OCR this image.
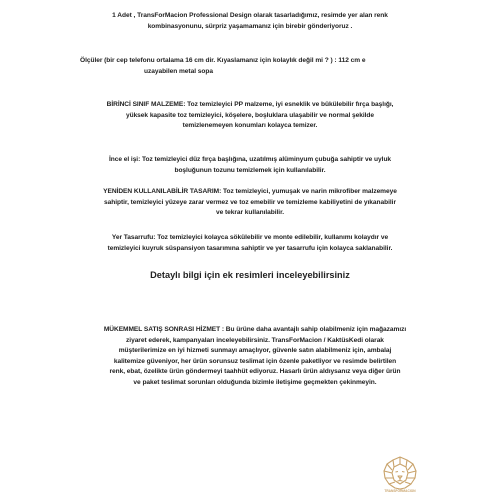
1 Adet , TransForMacion Professional Design olarak tasarladığımız, resimde yer alan renk

kombinasyonunu, sürpriz yaşamamanız için birebir gönderiyoruz .

Ölçüler (bir cep telefonu ortalama 16 cm dir. Kıyaslamanız için kolaylık değil mi ? ) : 112 cm e

uzayabilen metal sopa

BİRİNCİ SINIF MALZEME: Toz temizleyici PP malzeme, iyi esneklik ve bükülebilir fırça başlığı,

yüksek kapasite toz temizleyici, köşelere, boşluklara ulaşabilir ve normal şekilde

temizlenemeyen konumları kolayca temizer.

İnce el işi: Toz temizleyici düz fırça başlığına, uzatılmış alüminyum çubuğa sahiptir ve uyluk

boşluğunun tozunu temizlemek için kullanılabilir.

YENİDEN KULLANILABİLİR TASARIM: Toz temizleyici, yumuşak ve narin mikrofiber malzemeye

sahiptir, temizleyici yüzeye zarar vermez ve toz emebilir ve temizleme kabiliyetini de yıkanabilir

ve tekrar kullanılabilir.

Yer Tasarrufu: Toz temizleyici kolayca sökülebilir ve monte edilebilir, kullanımı kolaydır ve

temizleyici kuyruk süspansiyon tasarımına sahiptir ve yer tasarrufu için kolayca saklanabilir.

Detaylı bilgi için ek resimleri inceleyebilirsiniz

MÜKEMMEL SATIŞ SONRASI HİZMET : Bu ürüne daha avantajlı sahip olabilmeniz için mağazamızı

ziyaret ederek, kampanyaları inceleyebilirsiniz. TransForMacion / KaktüsKedi olarak

müşterilerimize en iyi hizmeti sunmayı amaçlıyor, güvenle satın alabilmeniz için, ambalaj

kalitemize güveniyor, her ürün sorunsuz teslimat için özenle paketliyor ve resimde belirtilen

renk, ebat, özelikte ürün göndermeyi taahhüt ediyoruz. Hasarlı ürün aldıysanız veya diğer ürün

ve paket teslimat sorunları olduğunda bizimle iletişime geçmekten çekinmeyin.

TRANSFORMACION
